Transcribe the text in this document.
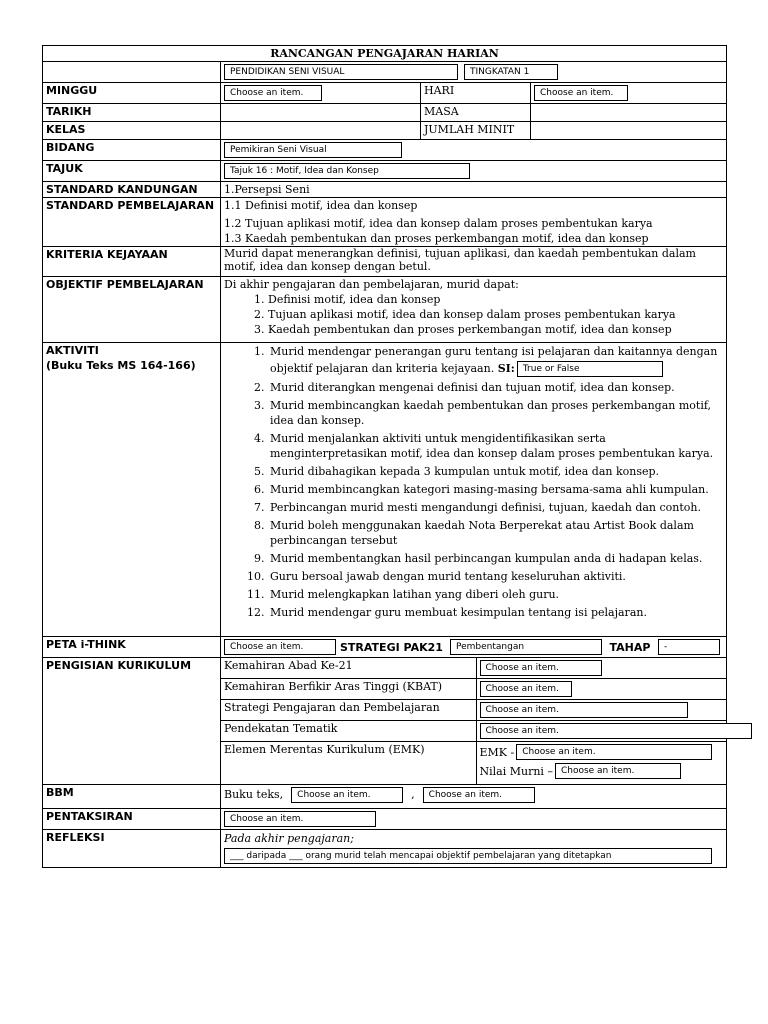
RANCANGAN PENGAJARAN HARIAN

PENDIDIKAN SENI VISUAL	TINGKATAN 1

MINGGU	Choose an item.	HARI	Choose an item.
TARIKH		MASA	
KELAS		JUMLAH MINIT	
BIDANG	Pemikiran Seni Visual
TAJUK	Tajuk 16 : Motif, Idea dan Konsep
STANDARD KANDUNGAN	1.Persepsi Seni
STANDARD PEMBELAJARAN	1.1 Definisi motif, idea dan konsep
1.2 Tujuan aplikasi motif, idea dan konsep dalam proses pembentukan karya
1.3 Kaedah pembentukan dan proses perkembangan motif, idea dan konsep

KRITERIA KEJAYAAN	Murid dapat menerangkan definisi, tujuan aplikasi, dan kaedah pembentukan dalam motif, idea dan konsep dengan betul.
OBJEKTIF PEMBELAJARAN	Di akhir pengajaran dan pembelajaran, murid dapat:
1. Definisi motif, idea dan konsep
2. Tujuan aplikasi motif, idea dan konsep dalam proses pembentukan karya
3. Kaedah pembentukan dan proses perkembangan motif, idea dan konsep

AKTIVITI
(Buku Teks MS 164-166)

1. Murid mendengar penerangan guru tentang isi pelajaran dan kaitannya dengan objektif pelajaran dan kriteria kejayaan. SI: True or False
2. Murid diterangkan mengenai definisi dan tujuan motif, idea dan konsep.
3. Murid membincangkan kaedah pembentukan dan proses perkembangan motif, idea dan konsep.
4. Murid menjalankan aktiviti untuk mengidentifikasikan serta menginterpretasikan motif, idea dan konsep dalam proses pembentukan karya.
5. Murid dibahagikan kepada 3 kumpulan untuk motif, idea dan konsep.
6. Murid membincangkan kategori masing-masing bersama-sama ahli kumpulan.
7. Perbincangan murid mesti mengandungi definisi, tujuan, kaedah dan contoh.
8. Murid boleh menggunakan kaedah Nota Berperekat atau Artist Book dalam perbincangan tersebut
9. Murid membentangkan hasil perbincangan kumpulan anda di hadapan kelas.
10. Guru bersoal jawab dengan murid tentang keseluruhan aktiviti.
11. Murid melengkapkan latihan yang diberi oleh guru.
12. Murid mendengar guru membuat kesimpulan tentang isi pelajaran.

PETA i-THINK	Choose an item.	STRATEGI PAK21	Pembentangan	TAHAP	-

PENGISIAN KURIKULUM		Kemahiran Abad Ke-21	Choose an item.
Kemahiran Berfikir Aras Tinggi (KBAT)	Choose an item.
Strategi Pengajaran dan Pembelajaran	Choose an item.
Pendekatan Tematik	Choose an item.
Elemen Merentas Kurikulum (EMK)	EMK - Choose an item.
Nilai Murni – Choose an item.

BBM	Buku teks,	Choose an item.	,	Choose an item.

PENTAKSIRAN	Choose an item.
REFLEKSI	Pada akhir pengajaran;
___ daripada ___ orang murid telah mencapai objektif pembelajaran yang ditetapkan
